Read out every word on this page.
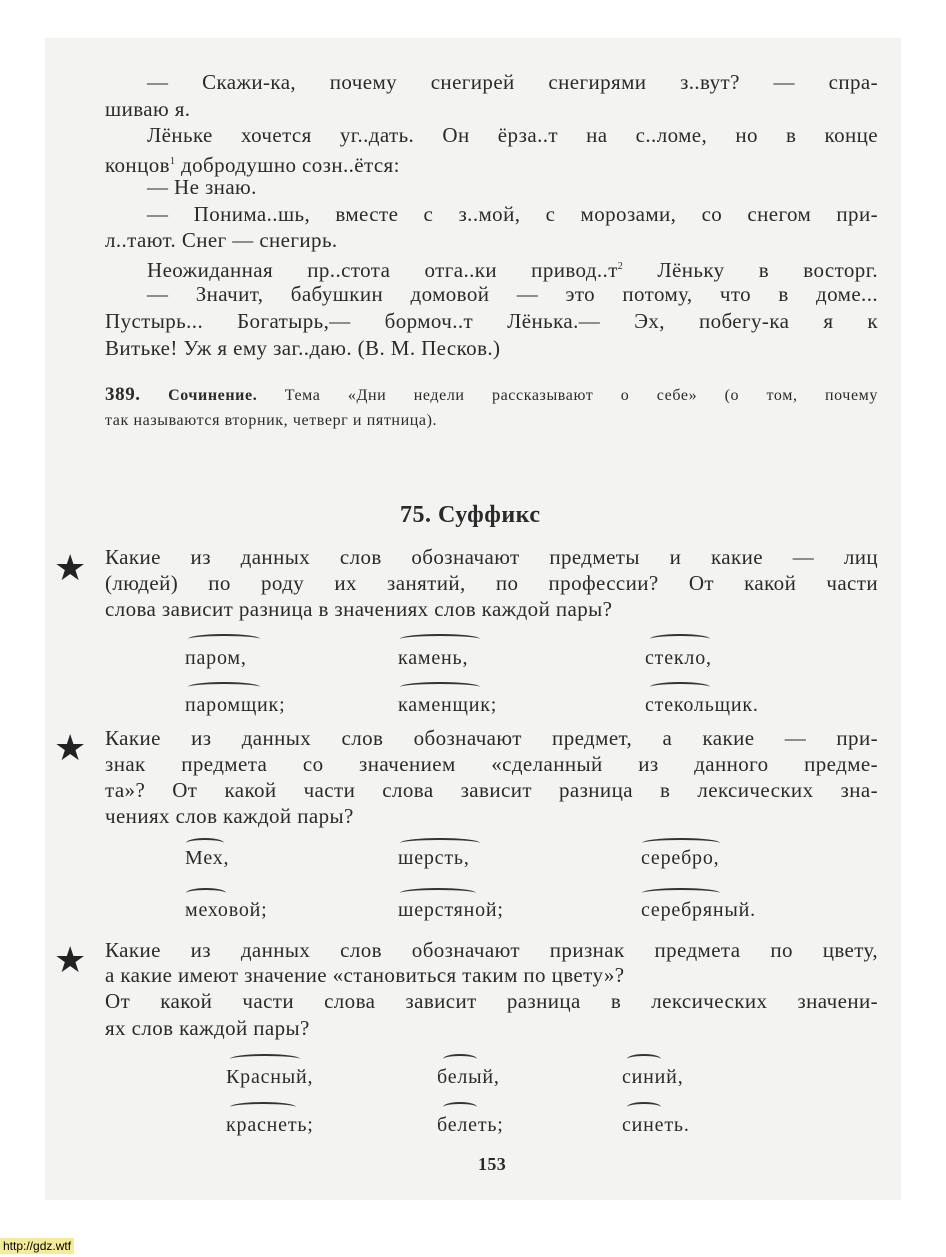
— Скажи-ка, почему снегирей снегирями з..вут? — спра-
шиваю я.
Лёньке хочется уг..дать. Он ёрза..т на с..ломе, но в конце
концов$^1$ добродушно созн..ётся:
— Не знаю.
— Понима..шь, вместе с з..мой, с морозами, со снегом при-
л..тают. Снег — снегирь.
Неожиданная пр..стота отга..ки $привод..т^2$ Лёньку в восторг.
— Значит, бабушкин домовой — это потому, что в доме...
Пустырь... Богатырь,— бормоч..т Лёнька.— Эх, побегу-ка я к
Витьке! Уж я ему заг..даю. (В. М. Песков.)
389. Сочинение. Тема «Дни недели рассказывают о себе» (о том, почему
так называются вторник, четверг и пятница).
75. Суффикс
★ Какие из данных слов обозначают предметы и какие — лиц
(людей) по роду их занятий, по профессии? От какой части
слова зависит разница в значениях слов каждой пары?
паром,	камень,	стекло,
паромщик;	каменщик;	стекольщик.
★ Какие из данных слов обозначают предмет, а какие — при-
знак предмета со значением «сделанный из данного предме-
та»? От какой части слова зависит разница в лексических зна-
чениях слов каждой пары?
Мех,	шерсть,	серебро,
меховой;	шерстяной;	серебряный.
★ Какие из данных слов обозначают признак предмета по цвету,
а какие имеют значение «становиться таким по цвету»?
От какой части слова зависит разница в лексических значени-
ях слов каждой пары?
Красный,	белый,	синий,
краснеть;	белеть;	синеть.
153
http://gdz.wtf
